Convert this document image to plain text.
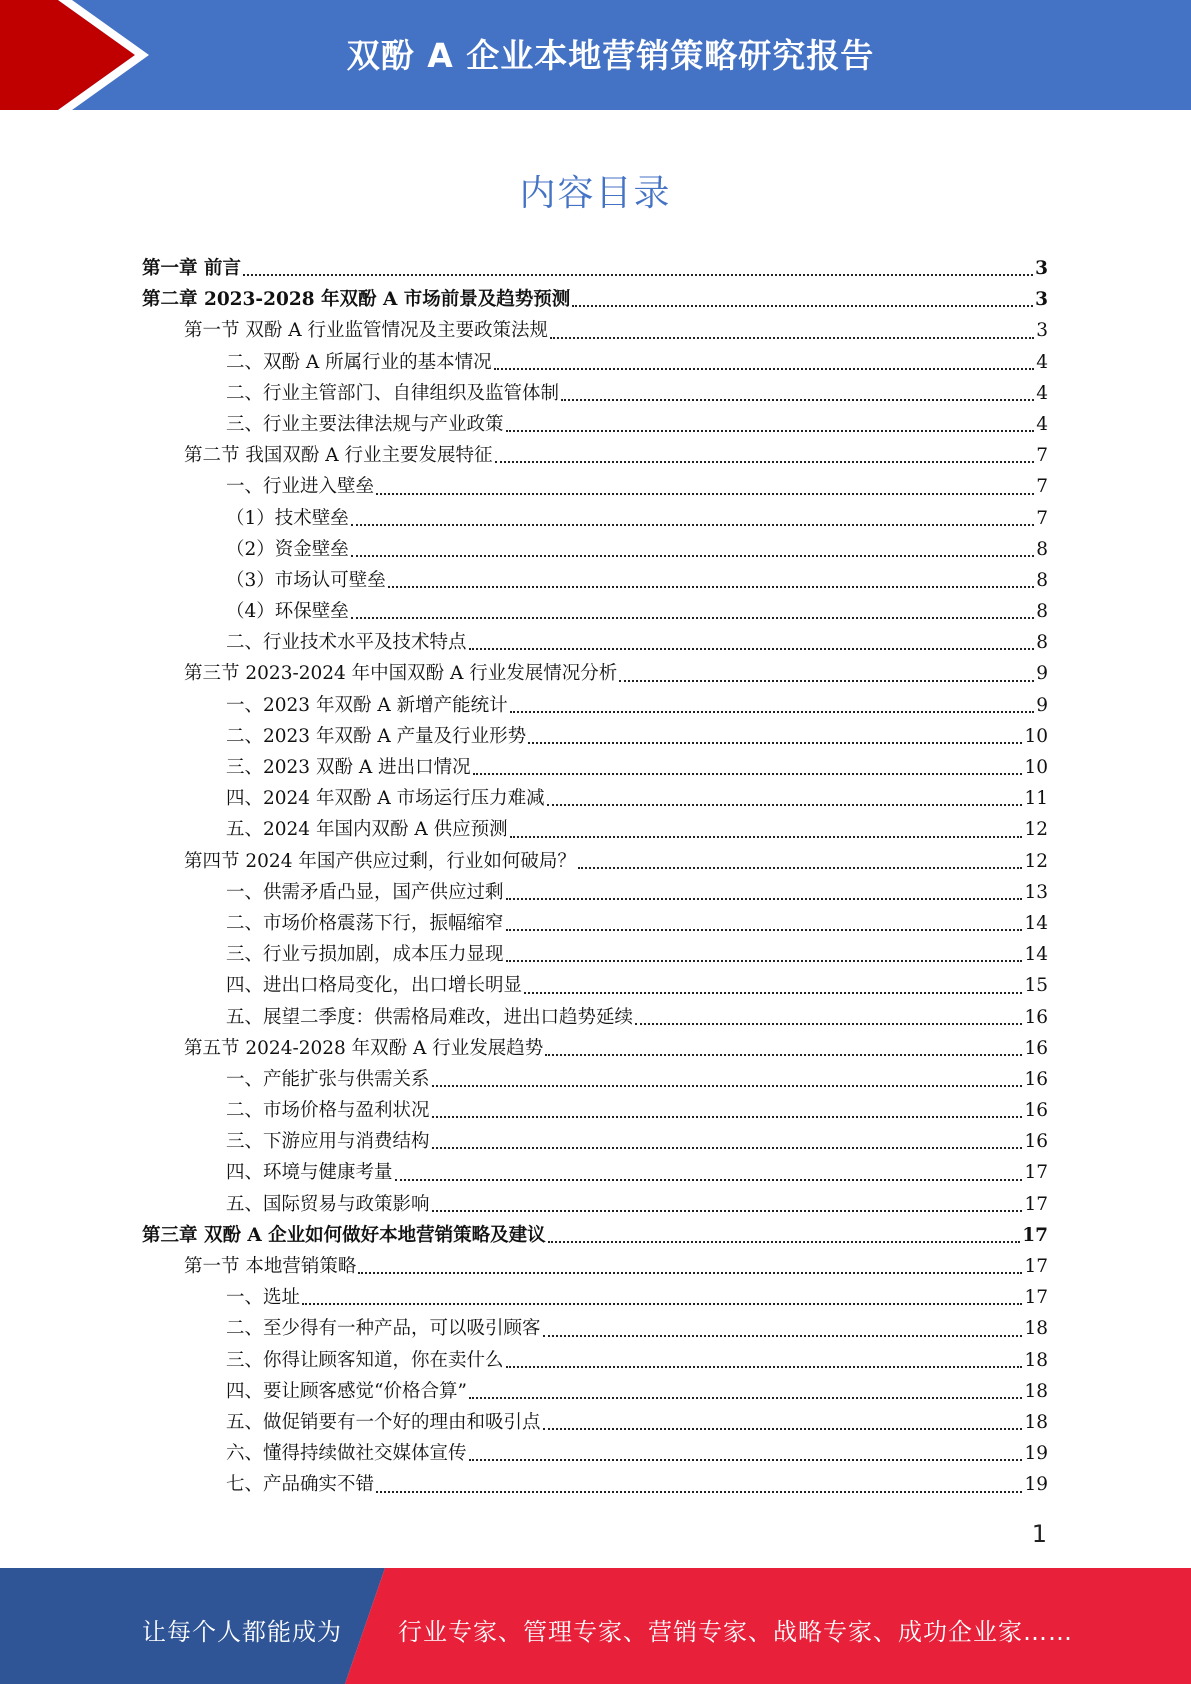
双酚 A 企业本地营销策略研究报告
内容目录
第一章 前言	3
第二章 2023-2028 年双酚 A 市场前景及趋势预测	3
第一节 双酚 A 行业监管情况及主要政策法规	3
二、双酚 A 所属行业的基本情况	4
二、行业主管部门、自律组织及监管体制	4
三、行业主要法律法规与产业政策	4
第二节 我国双酚 A 行业主要发展特征	7
一、行业进入壁垒	7
（1）技术壁垒	7
（2）资金壁垒	8
（3）市场认可壁垒	8
（4）环保壁垒	8
二、行业技术水平及技术特点	8
第三节 2023-2024 年中国双酚 A 行业发展情况分析	9
一、2023 年双酚 A 新增产能统计	9
二、2023 年双酚 A 产量及行业形势	10
三、2023 双酚 A 进出口情况	10
四、2024 年双酚 A 市场运行压力难减	11
五、2024 年国内双酚 A 供应预测	12
第四节 2024 年国产供应过剩，行业如何破局？	12
一、供需矛盾凸显，国产供应过剩	13
二、市场价格震荡下行，振幅缩窄	14
三、行业亏损加剧，成本压力显现	14
四、进出口格局变化，出口增长明显	15
五、展望二季度：供需格局难改，进出口趋势延续	16
第五节 2024-2028 年双酚 A 行业发展趋势	16
一、产能扩张与供需关系	16
二、市场价格与盈利状况	16
三、下游应用与消费结构	16
四、环境与健康考量	17
五、国际贸易与政策影响	17
第三章 双酚 A 企业如何做好本地营销策略及建议	17
第一节 本地营销策略	17
一、选址	17
二、至少得有一种产品，可以吸引顾客	18
三、你得让顾客知道，你在卖什么	18
四、要让顾客感觉“价格合算”	18
五、做促销要有一个好的理由和吸引点	18
六、懂得持续做社交媒体宣传	19
七、产品确实不错	19
1
让每个人都能成为 行业专家、管理专家、营销专家、战略专家、成功企业家……
